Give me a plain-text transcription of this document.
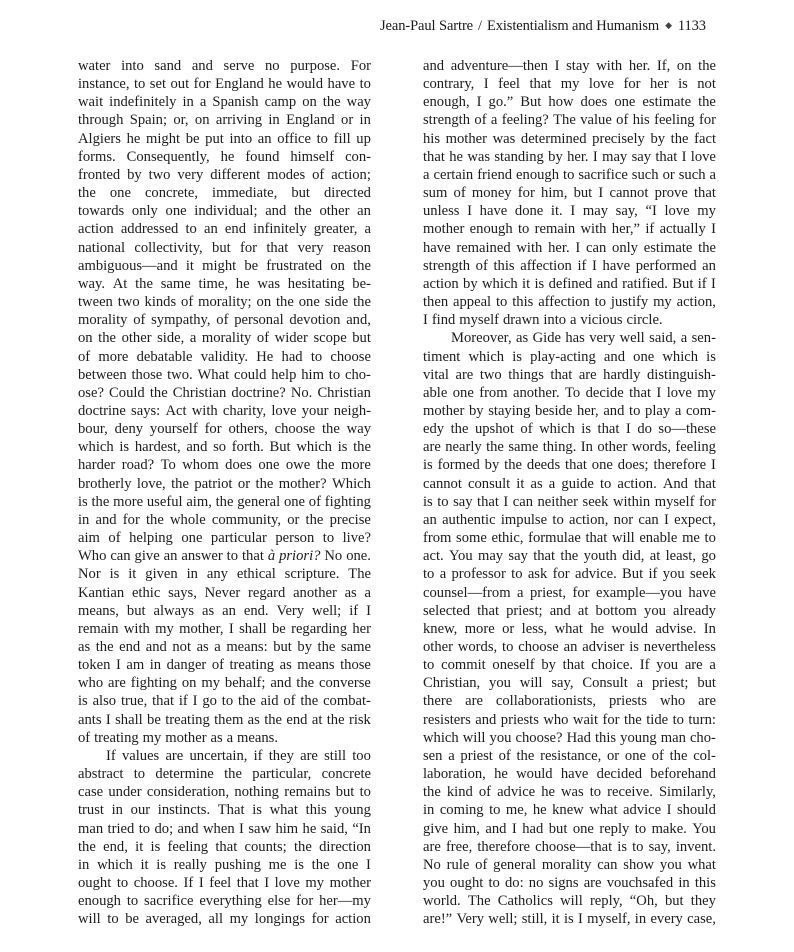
Jean-Paul Sartre / Existentialism and Humanism ◆ 1133
water into sand and serve no purpose. For
instance, to set out for England he would have to
wait indefinitely in a Spanish camp on the way
through Spain; or, on arriving in England or in
Algiers he might be put into an office to fill up
forms. Consequently, he found himself con-
fronted by two very different modes of action;
the one concrete, immediate, but directed
towards only one individual; and the other an
action addressed to an end infinitely greater, a
national collectivity, but for that very reason
ambiguous—and it might be frustrated on the
way. At the same time, he was hesitating be-
tween two kinds of morality; on the one side the
morality of sympathy, of personal devotion and,
on the other side, a morality of wider scope but
of more debatable validity. He had to choose
between those two. What could help him to cho-
ose? Could the Christian doctrine? No. Christian
doctrine says: Act with charity, love your neigh-
bour, deny yourself for others, choose the way
which is hardest, and so forth. But which is the
harder road? To whom does one owe the more
brotherly love, the patriot or the mother? Which
is the more useful aim, the general one of fighting
in and for the whole community, or the precise
aim of helping one particular person to live?
Who can give an answer to that à priori? No one.
Nor is it given in any ethical scripture. The
Kantian ethic says, Never regard another as a
means, but always as an end. Very well; if I
remain with my mother, I shall be regarding her
as the end and not as a means: but by the same
token I am in danger of treating as means those
who are fighting on my behalf; and the converse
is also true, that if I go to the aid of the combat-
ants I shall be treating them as the end at the risk
of treating my mother as a means.
If values are uncertain, if they are still too
abstract to determine the particular, concrete
case under consideration, nothing remains but to
trust in our instincts. That is what this young
man tried to do; and when I saw him he said, “In
the end, it is feeling that counts; the direction
in which it is really pushing me is the one I
ought to choose. If I feel that I love my mother
enough to sacrifice everything else for her—my
will to be averaged, all my longings for action
and adventure—then I stay with her. If, on the
contrary, I feel that my love for her is not
enough, I go.” But how does one estimate the
strength of a feeling? The value of his feeling for
his mother was determined precisely by the fact
that he was standing by her. I may say that I love
a certain friend enough to sacrifice such or such a
sum of money for him, but I cannot prove that
unless I have done it. I may say, “I love my
mother enough to remain with her,” if actually I
have remained with her. I can only estimate the
strength of this affection if I have performed an
action by which it is defined and ratified. But if I
then appeal to this affection to justify my action,
I find myself drawn into a vicious circle.
Moreover, as Gide has very well said, a sen-
timent which is play-acting and one which is
vital are two things that are hardly distinguish-
able one from another. To decide that I love my
mother by staying beside her, and to play a com-
edy the upshot of which is that I do so—these
are nearly the same thing. In other words, feeling
is formed by the deeds that one does; therefore I
cannot consult it as a guide to action. And that
is to say that I can neither seek within myself for
an authentic impulse to action, nor can I expect,
from some ethic, formulae that will enable me to
act. You may say that the youth did, at least, go
to a professor to ask for advice. But if you seek
counsel—from a priest, for example—you have
selected that priest; and at bottom you already
knew, more or less, what he would advise. In
other words, to choose an adviser is nevertheless
to commit oneself by that choice. If you are a
Christian, you will say, Consult a priest; but
there are collaborationists, priests who are
resisters and priests who wait for the tide to turn:
which will you choose? Had this young man cho-
sen a priest of the resistance, or one of the col-
laboration, he would have decided beforehand
the kind of advice he was to receive. Similarly,
in coming to me, he knew what advice I should
give him, and I had but one reply to make. You
are free, therefore choose—that is to say, invent.
No rule of general morality can show you what
you ought to do: no signs are vouchsafed in this
world. The Catholics will reply, “Oh, but they
are!” Very well; still, it is I myself, in every case,
